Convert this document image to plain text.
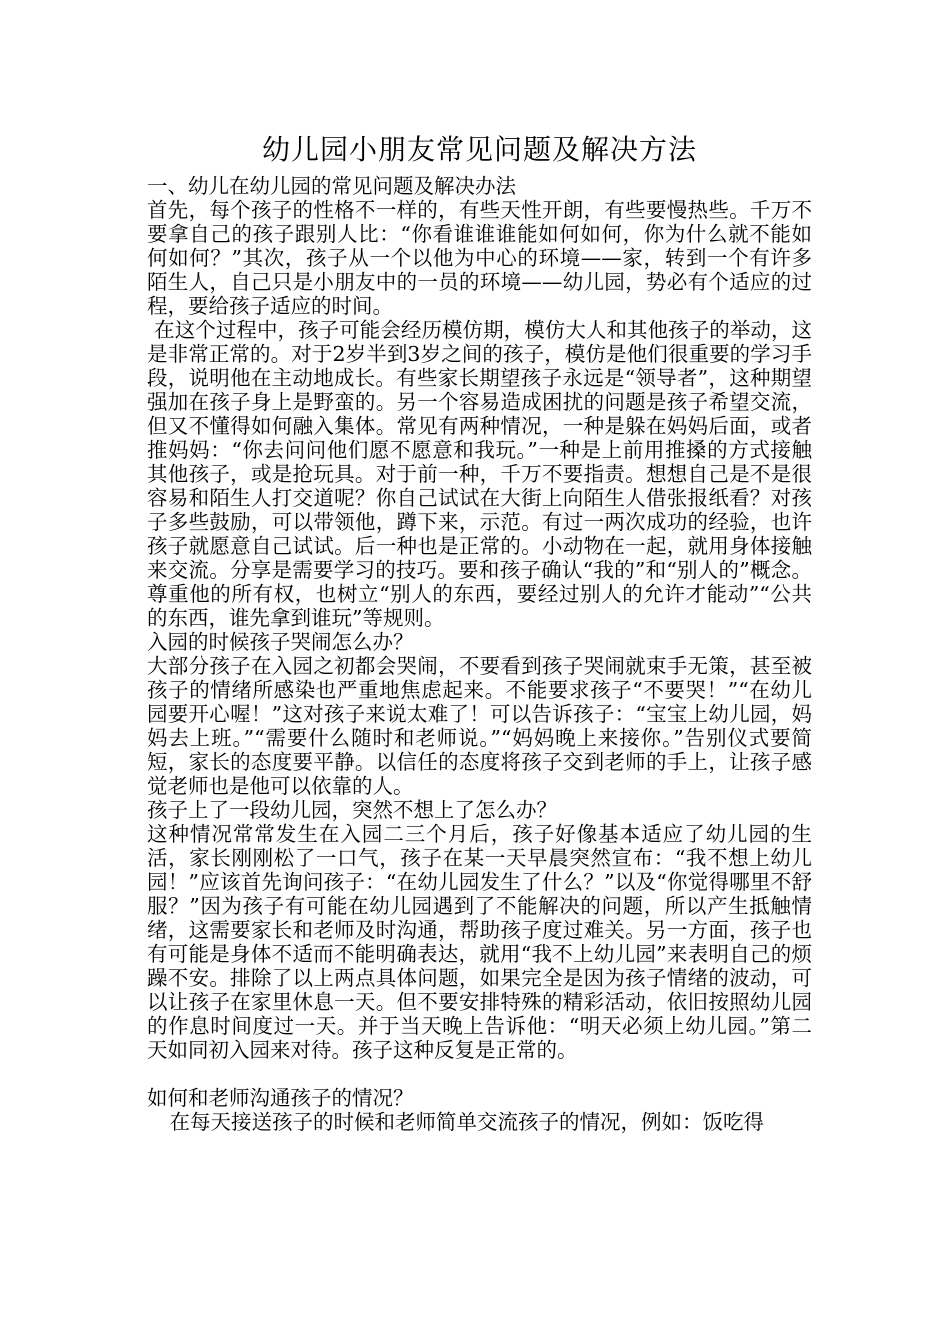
幼儿园小朋友常见问题及解决方法

一、幼儿在幼儿园的常见问题及解决办法

首先，每个孩子的性格不一样的，有些天性开朗，有些要慢热些。千万不要拿自己的孩子跟别人比：“你看谁谁谁能如何如何，你为什么就不能如何如何？”其次，孩子从一个以他为中心的环境——家，转到一个有许多陌生人，自己只是小朋友中的一员的环境——幼儿园，势必有个适应的过程，要给孩子适应的时间。

在这个过程中，孩子可能会经历模仿期，模仿大人和其他孩子的举动，这是非常正常的。对于2岁半到3岁之间的孩子，模仿是他们很重要的学习手段，说明他在主动地成长。有些家长期望孩子永远是“领导者”，这种期望强加在孩子身上是野蛮的。另一个容易造成困扰的问题是孩子希望交流，但又不懂得如何融入集体。常见有两种情况，一种是躲在妈妈后面，或者推妈妈：“你去问问他们愿不愿意和我玩。”一种是上前用推搡的方式接触其他孩子，或是抢玩具。对于前一种，千万不要指责。想想自己是不是很容易和陌生人打交道呢？你自己试试在大街上向陌生人借张报纸看？对孩子多些鼓励，可以带领他，蹲下来，示范。有过一两次成功的经验，也许孩子就愿意自己试试。后一种也是正常的。小动物在一起，就用身体接触来交流。分享是需要学习的技巧。要和孩子确认“我的”和“别人的”概念。尊重他的所有权，也树立“别人的东西，要经过别人的允许才能动”“公共的东西，谁先拿到谁玩”等规则。

入园的时候孩子哭闹怎么办？

大部分孩子在入园之初都会哭闹，不要看到孩子哭闹就束手无策，甚至被孩子的情绪所感染也严重地焦虑起来。不能要求孩子“不要哭！”“在幼儿园要开心喔！”这对孩子来说太难了！可以告诉孩子：“宝宝上幼儿园，妈妈去上班。”“需要什么随时和老师说。”“妈妈晚上来接你。”告别仪式要简短，家长的态度要平静。以信任的态度将孩子交到老师的手上，让孩子感觉老师也是他可以依靠的人。

孩子上了一段幼儿园，突然不想上了怎么办？

这种情况常常发生在入园二三个月后，孩子好像基本适应了幼儿园的生活，家长刚刚松了一口气，孩子在某一天早晨突然宣布：“我不想上幼儿园！”应该首先询问孩子：“在幼儿园发生了什么？”以及“你觉得哪里不舒服？”因为孩子有可能在幼儿园遇到了不能解决的问题，所以产生抵触情绪，这需要家长和老师及时沟通，帮助孩子度过难关。另一方面，孩子也有可能是身体不适而不能明确表达，就用“我不上幼儿园”来表明自己的烦躁不安。排除了以上两点具体问题，如果完全是因为孩子情绪的波动，可以让孩子在家里休息一天。但不要安排特殊的精彩活动，依旧按照幼儿园的作息时间度过一天。并于当天晚上告诉他：“明天必须上幼儿园。”第二天如同初入园来对待。孩子这种反复是正常的。

如何和老师沟通孩子的情况？

在每天接送孩子的时候和老师简单交流孩子的情况，例如：饭吃得
